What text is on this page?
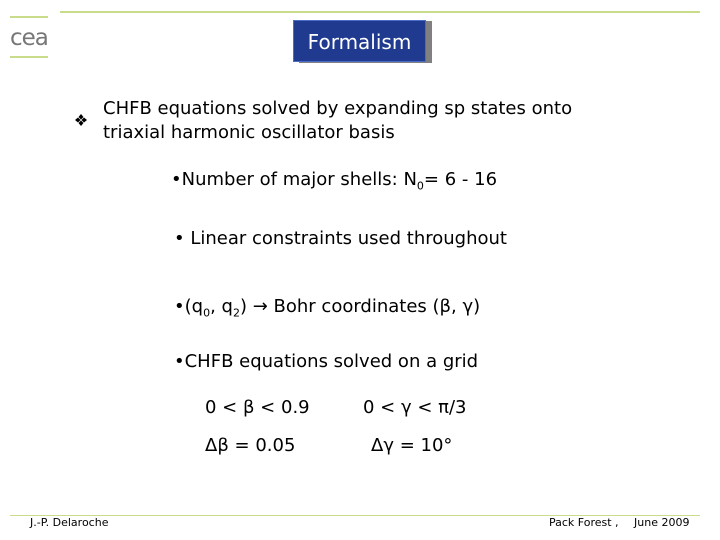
cea	Formalism
CHFB equations solved by expanding sp states onto
triaxial harmonic oscillator basis
•Number of major shells: $N_0= 6 - 16$
• Linear constraints used throughout
$•(q_0$, $q_2$) → Bohr coordinates (β, γ)
•CHFB equations solved on a grid
0 < β < 0.9	0 < γ < π/3
Δβ = 0.05	Δγ = 10°
J.-P. Delaroche	Pack Forest , June 2009
